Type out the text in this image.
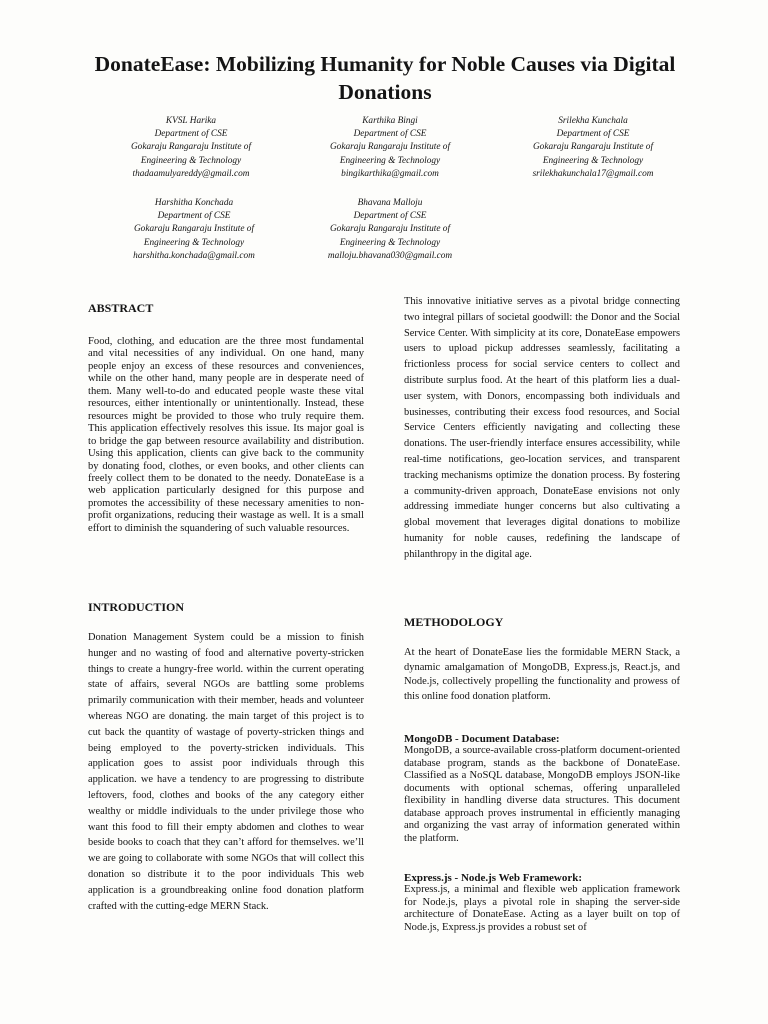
DonateEase: Mobilizing Humanity for Noble Causes via Digital Donations
KVSL Harika
Department of CSE
Gokaraju Rangaraju Institute of
Engineering & Technology
thadaamulyareddy@gmail.com
Karthika Bingi
Department of CSE
Gokaraju Rangaraju Institute of
Engineering & Technology
bingikarthika@gmail.com
Srilekha Kunchala
Department of CSE
Gokaraju Rangaraju Institute of
Engineering & Technology
srilekhakunchala17@gmail.com
Harshitha Konchada
Department of CSE
Gokaraju Rangaraju Institute of
Engineering & Technology
harshitha.konchada@gmail.com
Bhavana Malloju
Department of CSE
Gokaraju Rangaraju Institute of
Engineering & Technology
malloju.bhavana030@gmail.com
ABSTRACT
Food, clothing, and education are the three most fundamental and vital necessities of any individual. On one hand, many people enjoy an excess of these resources and conveniences, while on the other hand, many people are in desperate need of them. Many well-to-do and educated people waste these vital resources, either intentionally or unintentionally. Instead, these resources might be provided to those who truly require them. This application effectively resolves this issue. Its major goal is to bridge the gap between resource availability and distribution. Using this application, clients can give back to the community by donating food, clothes, or even books, and other clients can freely collect them to be donated to the needy. DonateEase is a web application particularly designed for this purpose and promotes the accessibility of these necessary amenities to non-profit organizations, reducing their wastage as well. It is a small effort to diminish the squandering of such valuable resources.
INTRODUCTION
Donation Management System could be a mission to finish hunger and no wasting of food and alternative poverty-stricken things to create a hungry-free world. within the current operating state of affairs, several NGOs are battling some problems primarily communication with their member, heads and volunteer whereas NGO are donating. the main target of this project is to cut back the quantity of wastage of poverty-stricken things and being employed to the poverty-stricken individuals. This application goes to assist poor individuals through this application. we have a tendency to are progressing to distribute leftovers, food, clothes and books of the any category either wealthy or middle individuals to the under privilege those who want this food to fill their empty abdomen and clothes to wear beside books to coach that they can’t afford for themselves. we’ll we are going to collaborate with some NGOs that will collect this donation so distribute it to the poor individuals This web application is a groundbreaking online food donation platform crafted with the cutting-edge MERN Stack.
This innovative initiative serves as a pivotal bridge connecting two integral pillars of societal goodwill: the Donor and the Social Service Center. With simplicity at its core, DonateEase empowers users to upload pickup addresses seamlessly, facilitating a frictionless process for social service centers to collect and distribute surplus food. At the heart of this platform lies a dual-user system, with Donors, encompassing both individuals and businesses, contributing their excess food resources, and Social Service Centers efficiently navigating and collecting these donations. The user-friendly interface ensures accessibility, while real-time notifications, geo-location services, and transparent tracking mechanisms optimize the donation process. By fostering a community-driven approach, DonateEase envisions not only addressing immediate hunger concerns but also cultivating a global movement that leverages digital donations to mobilize humanity for noble causes, redefining the landscape of philanthropy in the digital age.
METHODOLOGY
At the heart of DonateEase lies the formidable MERN Stack, a dynamic amalgamation of MongoDB, Express.js, React.js, and Node.js, collectively propelling the functionality and prowess of this online food donation platform.
MongoDB - Document Database:
MongoDB, a source-available cross-platform document-oriented database program, stands as the backbone of DonateEase. Classified as a NoSQL database, MongoDB employs JSON-like documents with optional schemas, offering unparalleled flexibility in handling diverse data structures. This document database approach proves instrumental in efficiently managing and organizing the vast array of information generated within the platform.
Express.js - Node.js Web Framework:
Express.js, a minimal and flexible web application framework for Node.js, plays a pivotal role in shaping the server-side architecture of DonateEase. Acting as a layer built on top of Node.js, Express.js provides a robust set of
